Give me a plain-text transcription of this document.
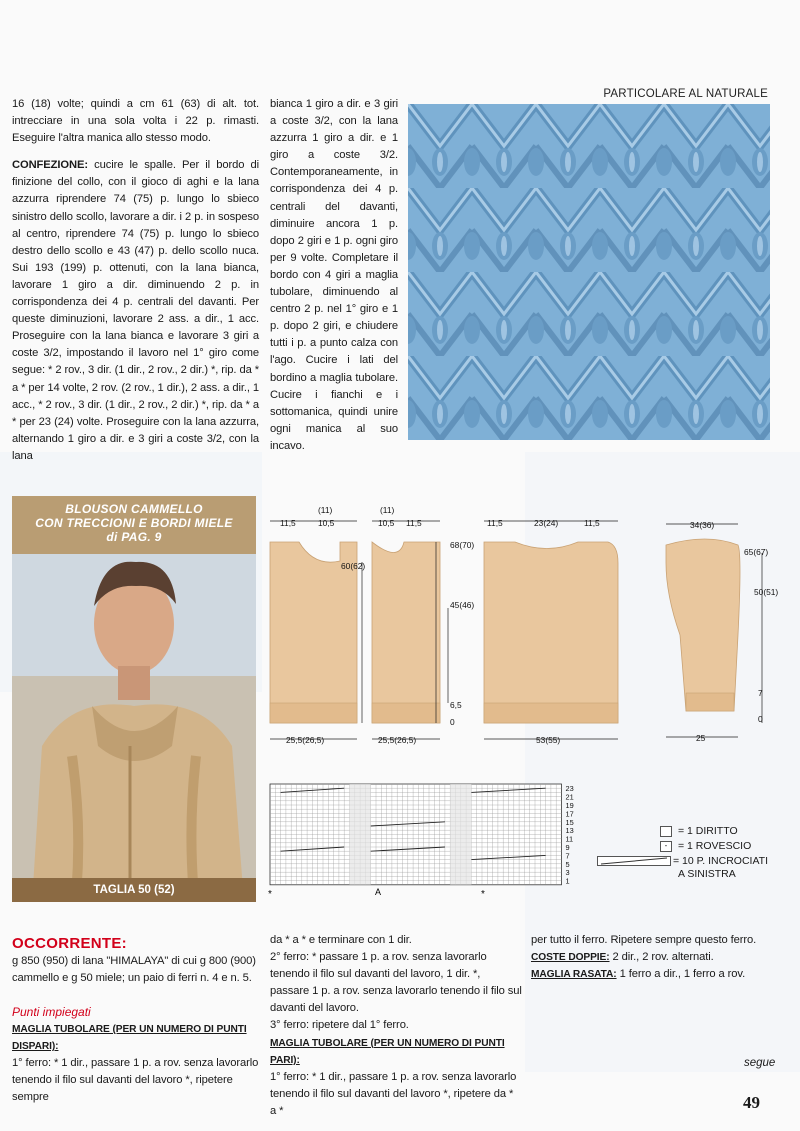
16 (18) volte; quindi a cm 61 (63) di alt. tot. intrecciare in una sola volta i 22 p. rimasti. Eseguire l'altra manica allo stesso modo.

CONFEZIONE: cucire le spalle. Per il bordo di finizione del collo, con il gioco di aghi e la lana azzurra riprendere 74 (75) p. lungo lo sbieco sinistro dello scollo, lavorare a dir. i 2 p. in sospeso al centro, riprendere 74 (75) p. lungo lo sbieco destro dello scollo e 43 (47) p. dello scollo nuca. Sui 193 (199) p. ottenuti, con la lana bianca, lavorare 1 giro a dir. diminuendo 2 p. in corrispondenza dei 4 p. centrali del davanti. Per queste diminuzioni, lavorare 2 ass. a dir., 1 acc. Proseguire con la lana bianca e lavorare 3 giri a coste 3/2, impostando il lavoro nel 1° giro come segue: * 2 rov., 3 dir. (1 dir., 2 rov., 2 dir.) *, rip. da * a * per 14 volte, 2 rov. (2 rov., 1 dir.), 2 ass. a dir., 1 acc., * 2 rov., 3 dir. (1 dir., 2 rov., 2 dir.) *, rip. da * a * per 23 (24) volte. Proseguire con la lana azzurra, alternando 1 giro a dir. e 3 giri a coste 3/2, con la lana

bianca 1 giro a dir. e 3 giri a coste 3/2, con la lana azzurra 1 giro a dir. e 1 giro a coste 3/2. Contemporaneamente, in corrispondenza dei 4 p. centrali del davanti, diminuire ancora 1 p. dopo 2 giri e 1 p. ogni giro per 9 volte. Completare il bordo con 4 giri a maglia tubolare, diminuendo al centro 2 p. nel 1° giro e 1 p. dopo 2 giri, e chiudere tutti i p. a punto calza con l'ago. Cucire i lati del bordino a maglia tubolare. Cucire i fianchi e i sottomanica, quindi unire ogni manica al suo incavo.

PARTICOLARE AL NATURALE
BLOUSON CAMMELLO
CON TRECCIONI E BORDI MIELE
di PAG. 9
TAGLIA 50 (52)
(11)
11,5	10,5
(11)
10,5 11,5	11,5	23(24)	11,5	34(36)
60(62)
68(70)
45(46)
6,5
0
25,5(26,5)	25,5(26,5)	53(55)
65(67)
50(51)
7
0
25
23
21
19
17
15
13
11
9
7
5
3
1
*	A	*
= 1 DIRITTO
- = 1 ROVESCIO
= 10 P. INCROCIATI
A SINISTRA
OCCORRENTE:
g 850 (950) di lana "HIMALAYA" di cui g 800 (900) cammello e g 50 miele; un paio di ferri n. 4 e n. 5.
Punti impiegati
MAGLIA TUBOLARE (PER UN NUMERO DI PUNTI DISPARI):
1° ferro: * 1 dir., passare 1 p. a rov. senza lavorarlo tenendo il filo sul davanti del lavoro *, ripetere sempre
da * a * e terminare con 1 dir.
2° ferro: * passare 1 p. a rov. senza lavorarlo tenendo il filo sul davanti del lavoro, 1 dir. *, passare 1 p. a rov. senza lavorarlo tenendo il filo sul davanti del lavoro.
3° ferro: ripetere dal 1° ferro.
MAGLIA TUBOLARE (PER UN NUMERO DI PUNTI PARI):
1° ferro: * 1 dir., passare 1 p. a rov. senza lavorarlo tenendo il filo sul davanti del lavoro *, ripetere da * a *
per tutto il ferro. Ripetere sempre questo ferro.
COSTE DOPPIE: 2 dir., 2 rov. alternati.
MAGLIA RASATA: 1 ferro a dir., 1 ferro a rov.
segue
49
